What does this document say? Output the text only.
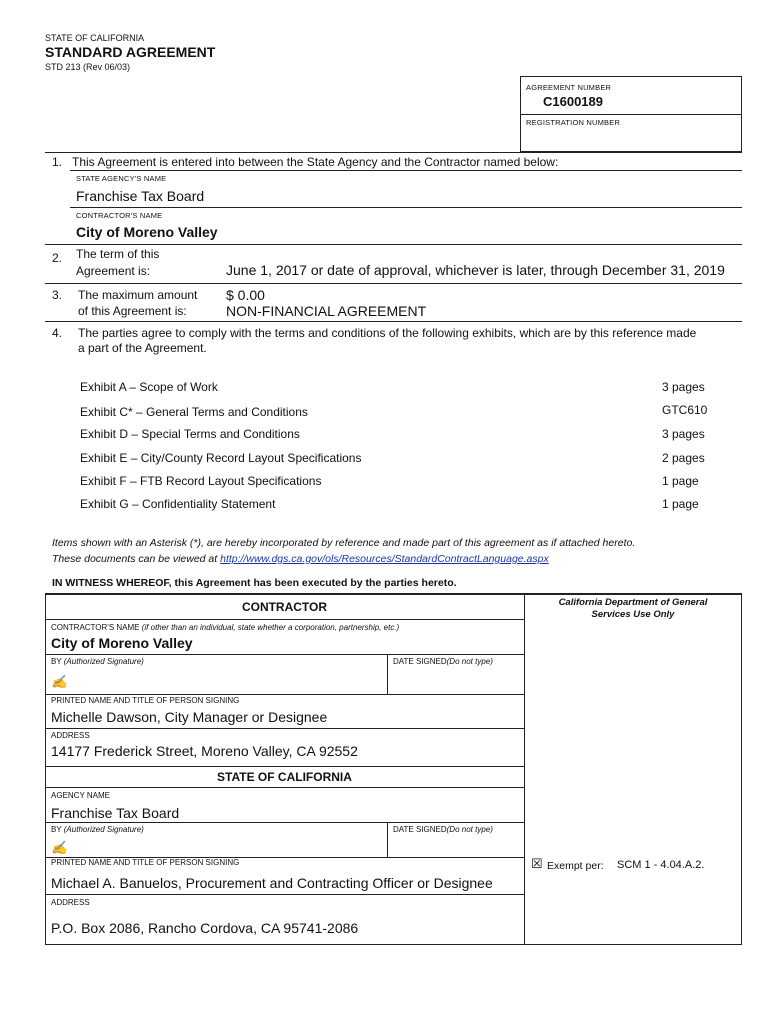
STATE OF CALIFORNIA
STANDARD AGREEMENT
STD 213 (Rev 06/03)
AGREEMENT NUMBER
C1600189
REGISTRATION NUMBER
1. This Agreement is entered into between the State Agency and the Contractor named below:
STATE AGENCY'S NAME
Franchise Tax Board
CONTRACTOR'S NAME
City of Moreno Valley
2. The term of this
Agreement is:	June 1, 2017 or date of approval, whichever is later, through December 31, 2019
3. The maximum amount
of this Agreement is:
$ 0.00
NON-FINANCIAL AGREEMENT
4. The parties agree to comply with the terms and conditions of the following exhibits, which are by this reference made
a part of the Agreement.
Exhibit A – Scope of Work	3 pages
Exhibit C* – General Terms and Conditions	GTC610
Exhibit D – Special Terms and Conditions	3 pages
Exhibit E – City/County Record Layout Specifications	2 pages
Exhibit F – FTB Record Layout Specifications	1 page
Exhibit G – Confidentiality Statement	1 page
Items shown with an Asterisk (*), are hereby incorporated by reference and made part of this agreement as if attached hereto.
These documents can be viewed at http://www.dgs.ca.gov/ols/Resources/StandardContractLanguage.aspx
IN WITNESS WHEREOF, this Agreement has been executed by the parties hereto.
California Department of General
Services Use Only
☒ Exempt per: SCM 1 - 4.04.A.2.
CONTRACTOR
CONTRACTOR'S NAME (if other than an individual, state whether a corporation, partnership, etc.)
City of Moreno Valley
BY (Authorized Signature)	DATE SIGNED(Do not type)
✍
PRINTED NAME AND TITLE OF PERSON SIGNING
Michelle Dawson, City Manager or Designee
ADDRESS
14177 Frederick Street, Moreno Valley, CA 92552
STATE OF CALIFORNIA
AGENCY NAME
Franchise Tax Board
BY (Authorized Signature)	DATE SIGNED(Do not type)
✍
PRINTED NAME AND TITLE OF PERSON SIGNING
Michael A. Banuelos, Procurement and Contracting Officer or Designee
ADDRESS
P.O. Box 2086, Rancho Cordova, CA 95741-2086
